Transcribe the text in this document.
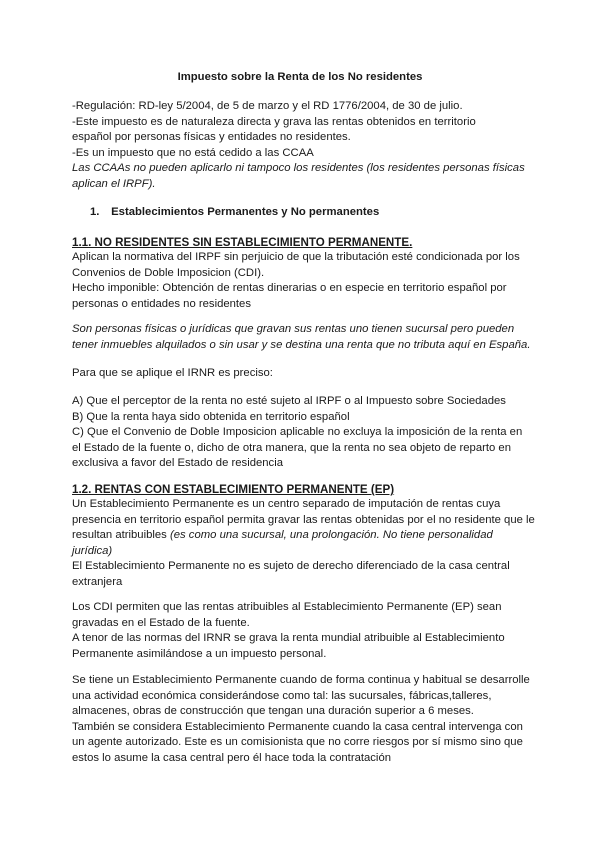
Impuesto sobre la Renta de los No residentes
-Regulación: RD-ley 5/2004, de 5 de marzo y el RD 1776/2004, de 30 de julio.
-Este impuesto es de naturaleza directa y grava las rentas obtenidos en territorio
español por personas físicas y entidades no residentes.
-Es un impuesto que no está cedido a las CCAA
Las CCAAs no pueden aplicarlo ni tampoco los residentes (los residentes personas físicas
aplican el IRPF).
1. Establecimientos Permanentes y No permanentes
1.1. NO RESIDENTES SIN ESTABLECIMIENTO PERMANENTE.
Aplican la normativa del IRPF sin perjuicio de que la tributación esté condicionada por los
Convenios de Doble Imposicion (CDI).
Hecho imponible: Obtención de rentas dinerarias o en especie en territorio español por
personas o entidades no residentes
Son personas físicas o jurídicas que gravan sus rentas uno tienen sucursal pero pueden
tener inmuebles alquilados o sin usar y se destina una renta que no tributa aquí en España.
Para que se aplique el IRNR es preciso:
A) Que el perceptor de la renta no esté sujeto al IRPF o al Impuesto sobre Sociedades
B) Que la renta haya sido obtenida en territorio español
C) Que el Convenio de Doble Imposicion aplicable no excluya la imposición de la renta en
el Estado de la fuente o, dicho de otra manera, que la renta no sea objeto de reparto en
exclusiva a favor del Estado de residencia
1.2. RENTAS CON ESTABLECIMIENTO PERMANENTE (EP)
Un Establecimiento Permanente es un centro separado de imputación de rentas cuya
presencia en territorio español permita gravar las rentas obtenidas por el no residente que le
resultan atribuibles (es como una sucursal, una prolongación. No tiene personalidad
jurídica)
El Establecimiento Permanente no es sujeto de derecho diferenciado de la casa central
extranjera
Los CDI permiten que las rentas atribuibles al Establecimiento Permanente (EP) sean
gravadas en el Estado de la fuente.
A tenor de las normas del IRNR se grava la renta mundial atribuible al Establecimiento
Permanente asimilándose a un impuesto personal.
Se tiene un Establecimiento Permanente cuando de forma continua y habitual se desarrolle
una actividad económica considerándose como tal: las sucursales, fábricas,talleres,
almacenes, obras de construcción que tengan una duración superior a 6 meses.
También se considera Establecimiento Permanente cuando la casa central intervenga con
un agente autorizado. Este es un comisionista que no corre riesgos por sí mismo sino que
estos lo asume la casa central pero él hace toda la contratación
